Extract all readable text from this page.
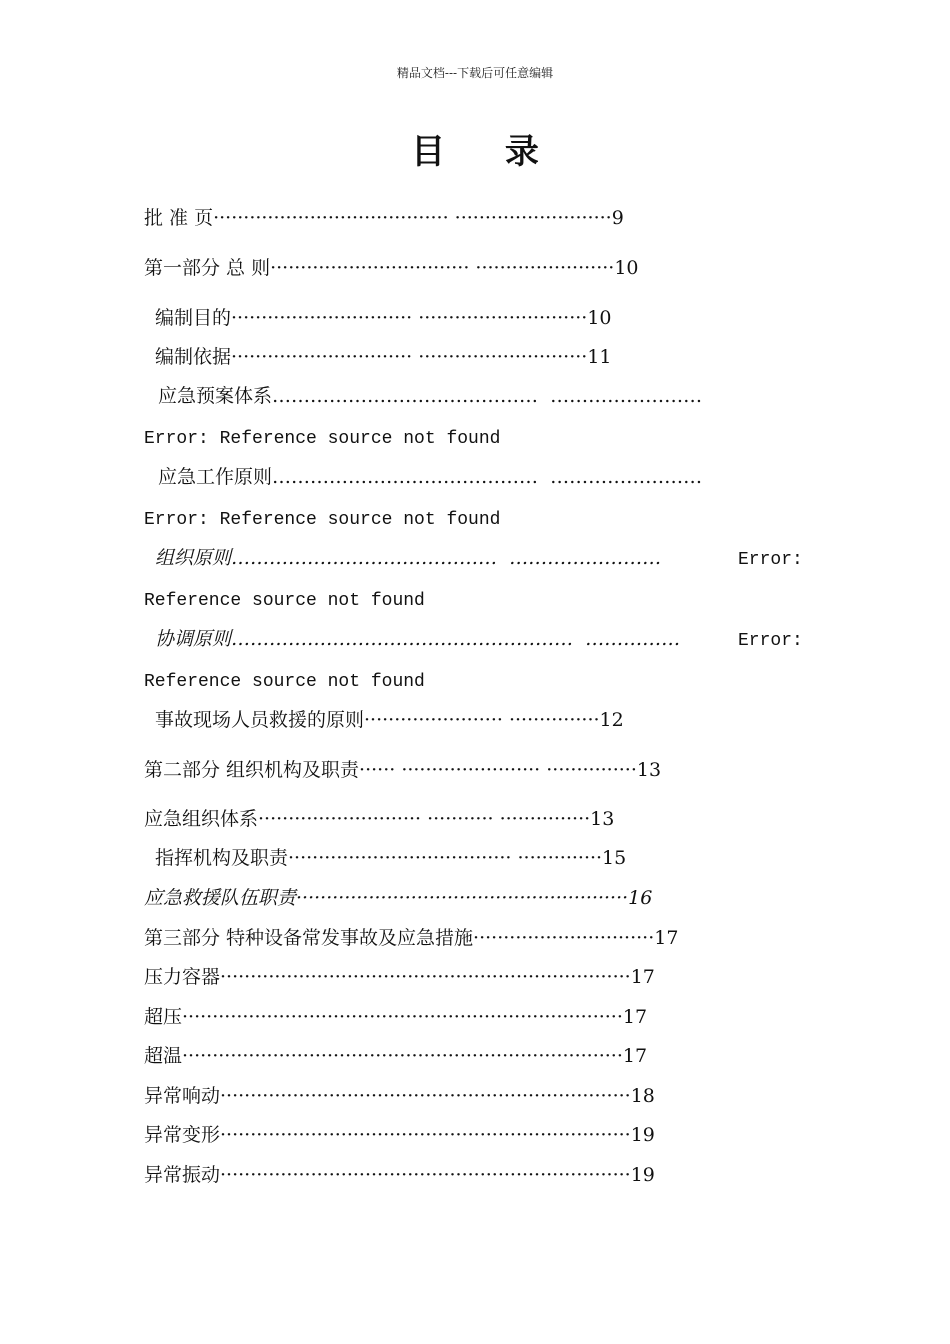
精品文档---下载后可任意编辑
目 录
批 准 页······································· ··························9
第一部分 总 则································· ·······················10
编制目的······························ ····························10
编制依据······························ ····························11
应急预案体系……………………………………  ……………………
Error: Reference source not found
应急工作原则……………………………………  ……………………
Error: Reference source not found
组织原则……………………………………  ……………………	Error:
Reference source not found
协调原则………………………………………………  ……………	Error:
Reference source not found
事故现场人员救援的原则······················· ···············12
第二部分 组织机构及职责······ ······················· ···············13
应急组织体系··························· ··········· ···············13
指挥机构及职责····································· ··············15
应急救援队伍职责·······················································16
第三部分 特种设备常发事故及应急措施······························17
压力容器····································································17
超压·········································································17
超温·········································································17
异常响动····································································18
异常变形····································································19
异常振动····································································19
